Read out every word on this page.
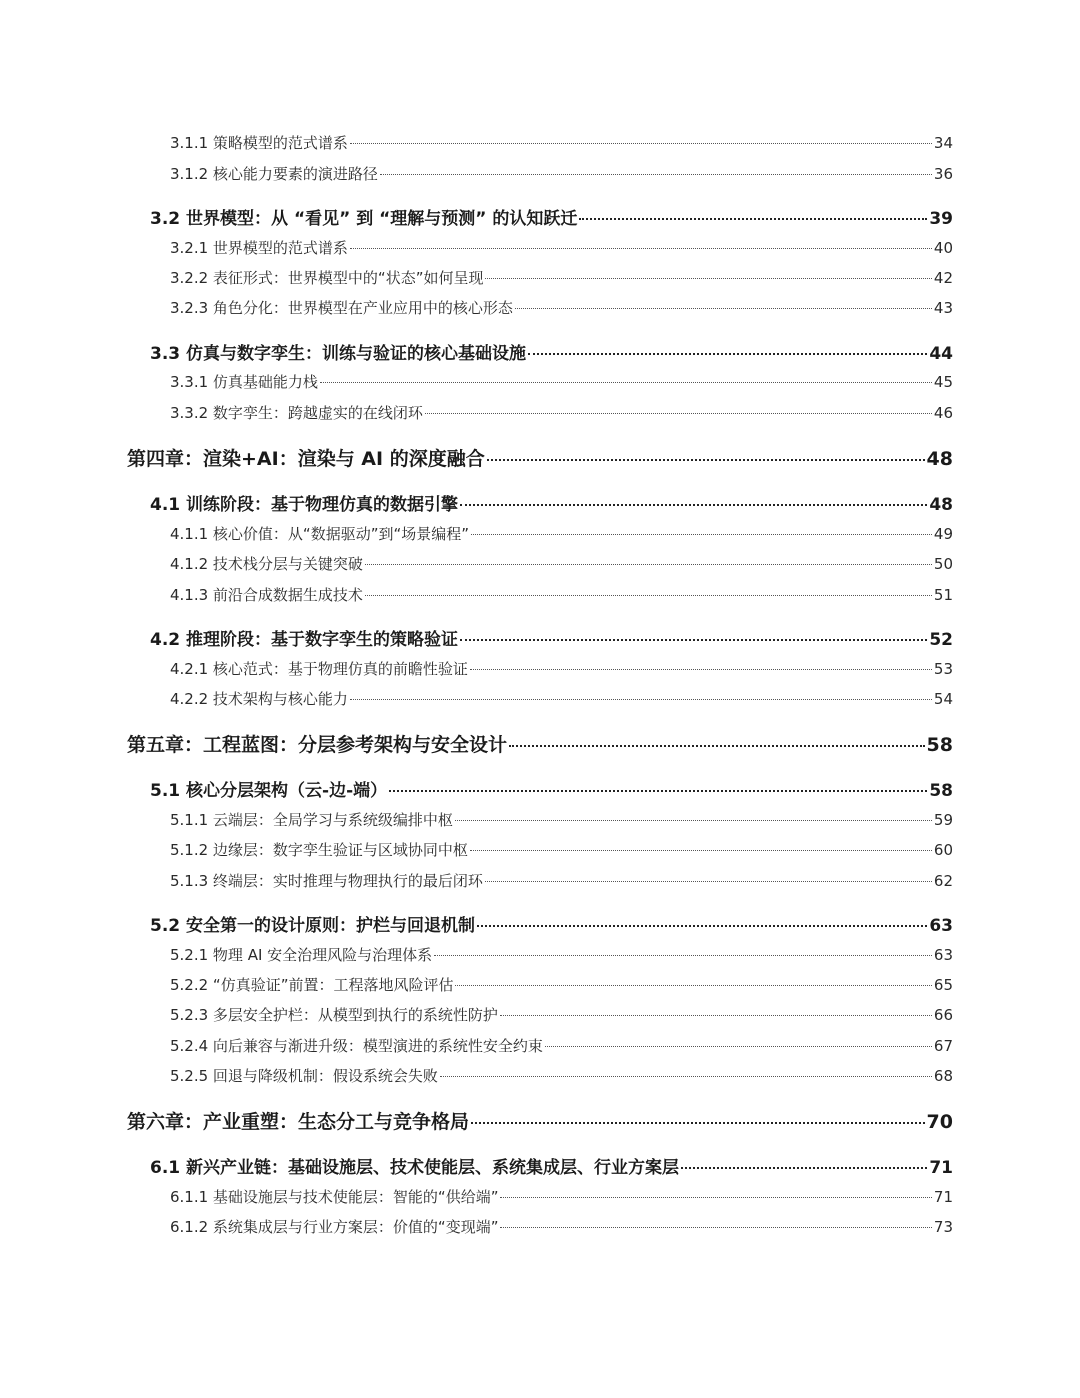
3.1.1 策略模型的范式谱系	34
3.1.2 核心能力要素的演进路径	36
3.2 世界模型：从 “看见” 到 “理解与预测” 的认知跃迁	39
3.2.1 世界模型的范式谱系	40
3.2.2 表征形式：世界模型中的“状态”如何呈现	42
3.2.3 角色分化：世界模型在产业应用中的核心形态	43
3.3 仿真与数字孪生：训练与验证的核心基础设施	44
3.3.1 仿真基础能力栈	45
3.3.2 数字孪生：跨越虚实的在线闭环	46
第四章：渲染+AI：渲染与 AI 的深度融合	48
4.1 训练阶段：基于物理仿真的数据引擎	48
4.1.1 核心价值：从“数据驱动”到“场景编程”	49
4.1.2 技术栈分层与关键突破	50
4.1.3 前沿合成数据生成技术	51
4.2 推理阶段：基于数字孪生的策略验证	52
4.2.1 核心范式：基于物理仿真的前瞻性验证	53
4.2.2 技术架构与核心能力	54
第五章：工程蓝图：分层参考架构与安全设计	58
5.1 核心分层架构（云-边-端）	58
5.1.1 云端层：全局学习与系统级编排中枢	59
5.1.2 边缘层：数字孪生验证与区域协同中枢	60
5.1.3 终端层：实时推理与物理执行的最后闭环	62
5.2 安全第一的设计原则：护栏与回退机制	63
5.2.1 物理 AI 安全治理风险与治理体系	63
5.2.2 “仿真验证”前置：工程落地风险评估	65
5.2.3 多层安全护栏：从模型到执行的系统性防护	66
5.2.4 向后兼容与渐进升级：模型演进的系统性安全约束	67
5.2.5 回退与降级机制：假设系统会失败	68
第六章：产业重塑：生态分工与竞争格局	70
6.1 新兴产业链：基础设施层、技术使能层、系统集成层、行业方案层	71
6.1.1 基础设施层与技术使能层：智能的“供给端”	71
6.1.2 系统集成层与行业方案层：价值的“变现端”	73
